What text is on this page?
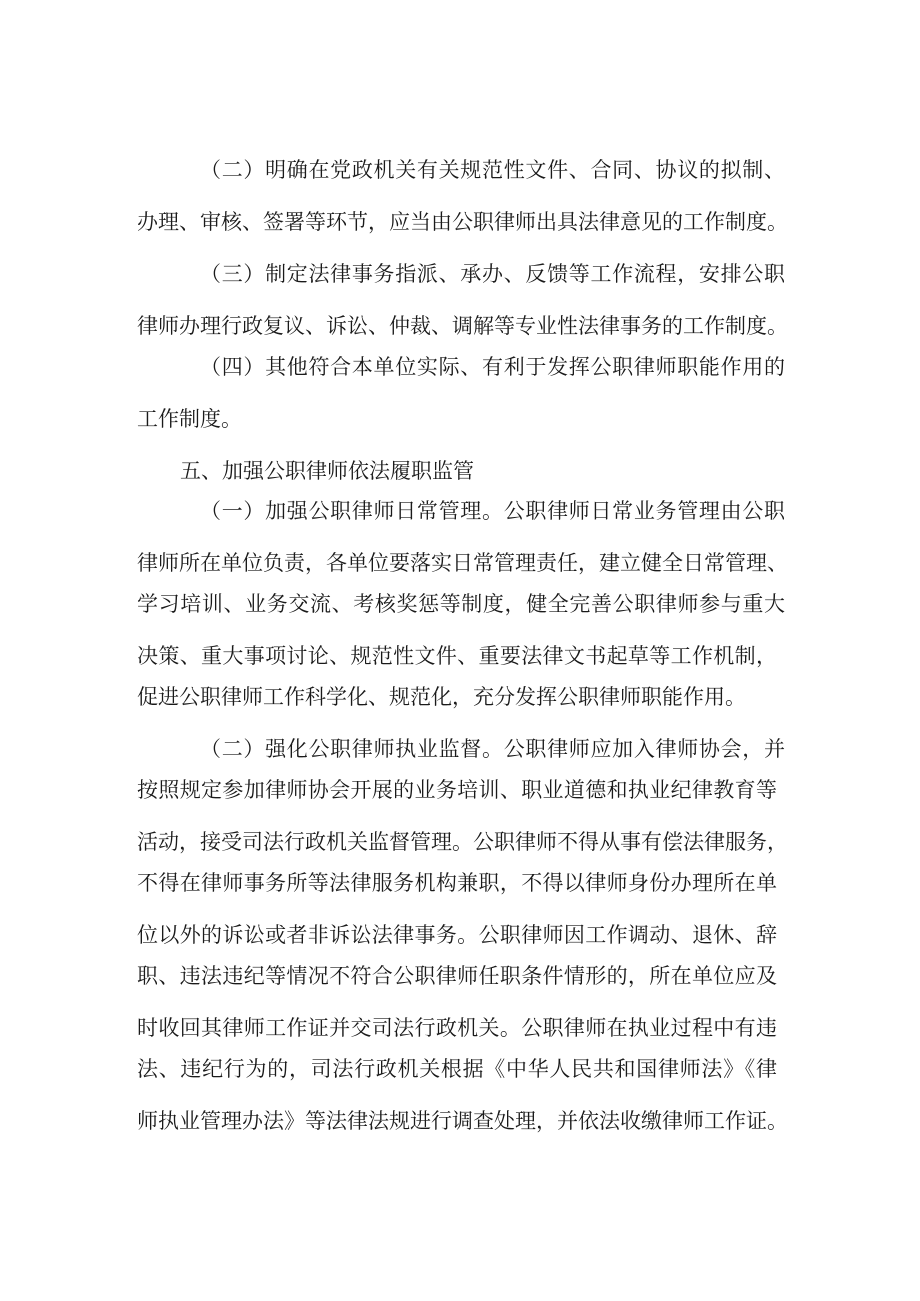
（二）明确在党政机关有关规范性文件、合同、协议的拟制、
办理、审核、签署等环节，应当由公职律师出具法律意见的工作制度。
（三）制定法律事务指派、承办、反馈等工作流程，安排公职
律师办理行政复议、诉讼、仲裁、调解等专业性法律事务的工作制度。
（四）其他符合本单位实际、有利于发挥公职律师职能作用的
工作制度。
五、加强公职律师依法履职监管
（一）加强公职律师日常管理。公职律师日常业务管理由公职
律师所在单位负责，各单位要落实日常管理责任，建立健全日常管理、
学习培训、业务交流、考核奖惩等制度，健全完善公职律师参与重大
决策、重大事项讨论、规范性文件、重要法律文书起草等工作机制，
促进公职律师工作科学化、规范化，充分发挥公职律师职能作用。
（二）强化公职律师执业监督。公职律师应加入律师协会，并
按照规定参加律师协会开展的业务培训、职业道德和执业纪律教育等
活动，接受司法行政机关监督管理。公职律师不得从事有偿法律服务，
不得在律师事务所等法律服务机构兼职，不得以律师身份办理所在单
位以外的诉讼或者非诉讼法律事务。公职律师因工作调动、退休、辞
职、违法违纪等情况不符合公职律师任职条件情形的，所在单位应及
时收回其律师工作证并交司法行政机关。公职律师在执业过程中有违
法、违纪行为的，司法行政机关根据《中华人民共和国律师法》《律
师执业管理办法》等法律法规进行调查处理，并依法收缴律师工作证。
